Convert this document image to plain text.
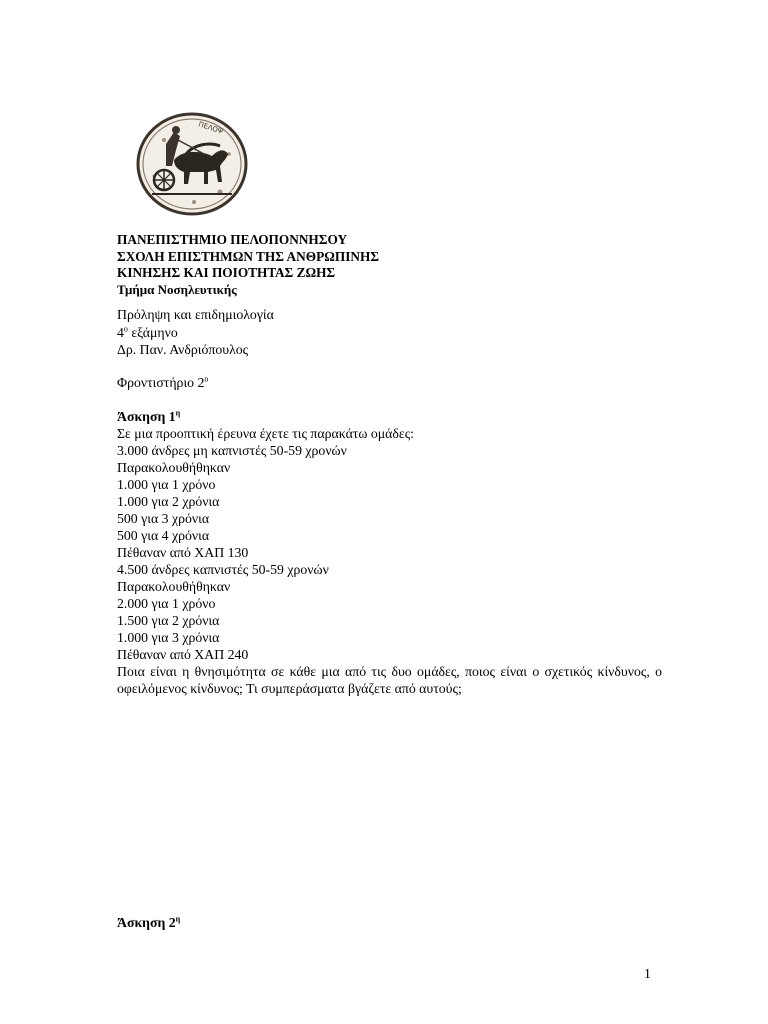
ΠΕΛΟΨ
ΠΑΝΕΠΙΣΤΗΜΙΟ ΠΕΛΟΠΟΝΝΗΣΟΥ
ΣΧΟΛΗ ΕΠΙΣΤΗΜΩΝ ΤΗΣ ΑΝΘΡΩΠΙΝΗΣ
ΚΙΝΗΣΗΣ ΚΑΙ ΠΟΙΟΤΗΤΑΣ ΖΩΗΣ
Τμήμα Νοσηλευτικής
Πρόληψη και επιδημιολογία
$4^o$ εξάμηνο
Δρ. Παν. Ανδριόπουλος
Φροντιστήριο $2^o$
Άσκηση $1^\eta$
Σε μια προοπτική έρευνα έχετε τις παρακάτω ομάδες:
3.000 άνδρες μη καπνιστές 50-59 χρονών
Παρακολουθήθηκαν
1.000 για 1 χρόνο
1.000 για 2 χρόνια
500 για 3 χρόνια
500 για 4 χρόνια
Πέθαναν από ΧΑΠ 130
4.500 άνδρες καπνιστές 50-59 χρονών
Παρακολουθήθηκαν
2.000 για 1 χρόνο
1.500 για 2 χρόνια
1.000 για 3 χρόνια
Πέθαναν από ΧΑΠ 240
Ποια είναι η θνησιμότητα σε κάθε μια από τις δυο ομάδες, ποιος είναι ο σχετικός κίνδυνος, ο οφειλόμενος κίνδυνος; Τι συμπεράσματα βγάζετε από αυτούς;
Άσκηση $2^\eta$
1
